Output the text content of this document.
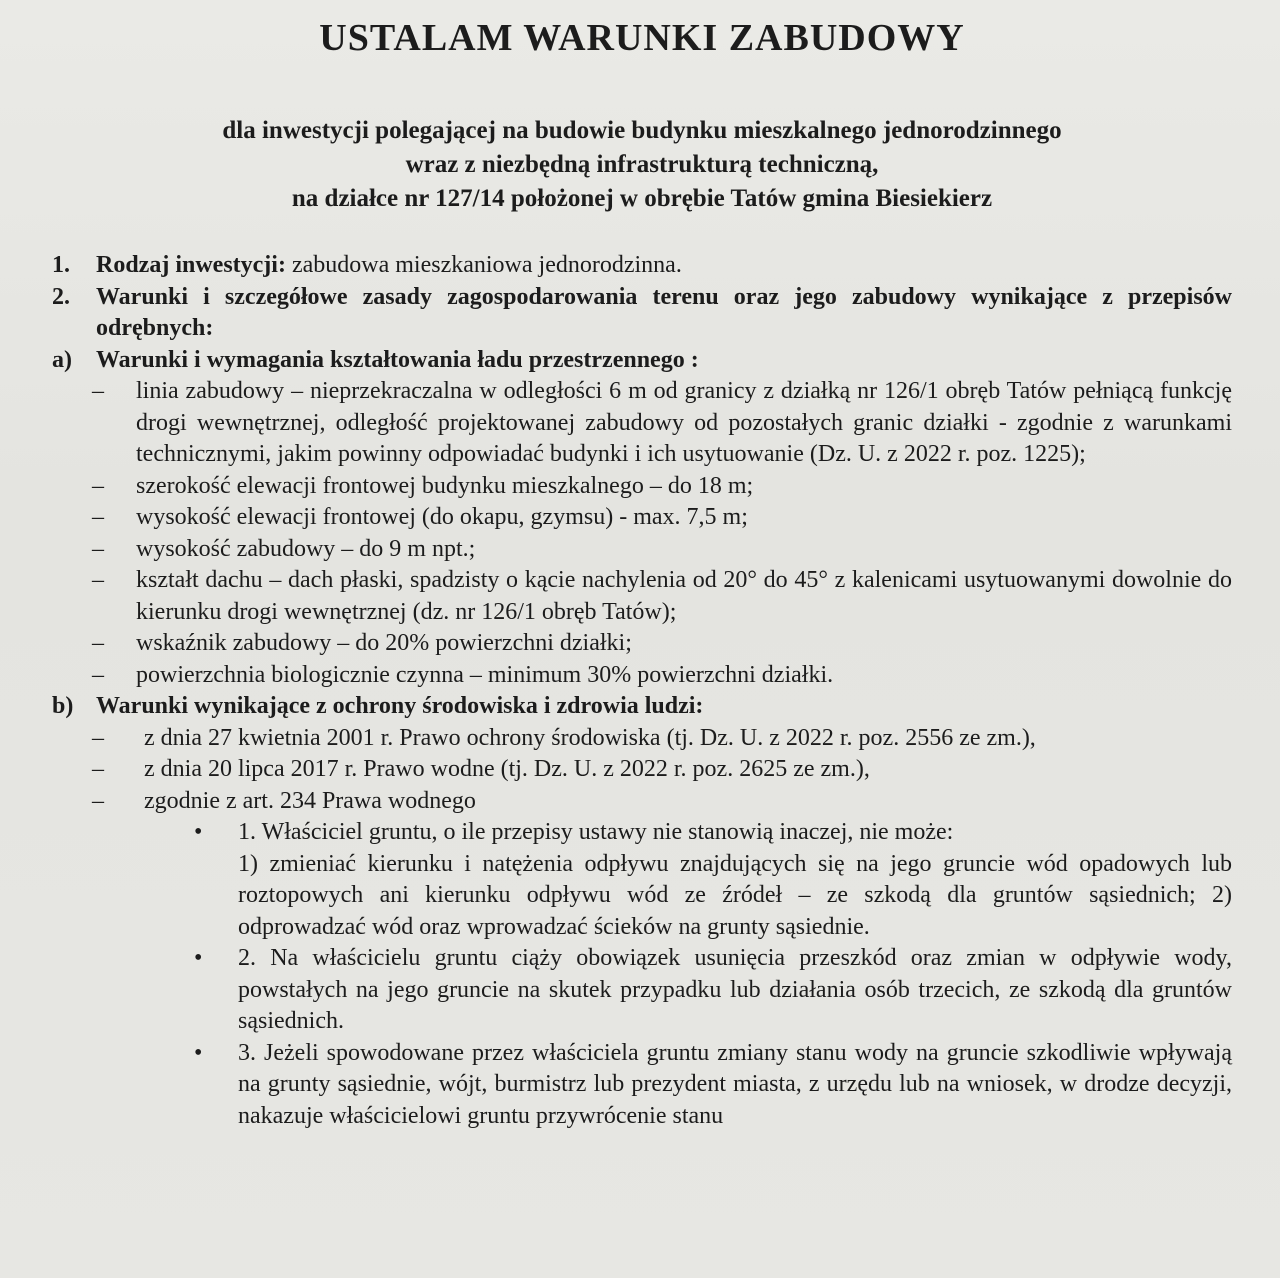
USTALAM WARUNKI ZABUDOWY
dla inwestycji polegającej na budowie budynku mieszkalnego jednorodzinnego
wraz z niezbędną infrastrukturą techniczną,
na działce nr 127/14 położonej w obrębie Tatów gmina Biesiekierz
1.	Rodzaj inwestycji: zabudowa mieszkaniowa jednorodzinna.
2.	Warunki i szczegółowe zasady zagospodarowania terenu oraz jego zabudowy wynikające z przepisów odrębnych:
a)	Warunki i wymagania kształtowania ładu przestrzennego :
–	linia zabudowy – nieprzekraczalna w odległości 6 m od granicy z działką nr 126/1 obręb Tatów pełniącą funkcję drogi wewnętrznej, odległość projektowanej zabudowy od pozostałych granic działki - zgodnie z warunkami technicznymi, jakim powinny odpowiadać budynki i ich usytuowanie (Dz. U. z 2022 r. poz. 1225);
–	szerokość elewacji frontowej budynku mieszkalnego – do 18 m;
–	wysokość elewacji frontowej (do okapu, gzymsu) - max. 7,5 m;
–	wysokość zabudowy – do 9 m npt.;
–	kształt dachu – dach płaski, spadzisty o kącie nachylenia od 20° do 45° z kalenicami usytuowanymi dowolnie do kierunku drogi wewnętrznej (dz. nr 126/1 obręb Tatów);
–	wskaźnik zabudowy – do 20% powierzchni działki;
–	powierzchnia biologicznie czynna – minimum 30% powierzchni działki.
b) Warunki wynikające z ochrony środowiska i zdrowia ludzi:
–	z dnia 27 kwietnia 2001 r. Prawo ochrony środowiska (tj. Dz. U. z 2022 r. poz. 2556 ze zm.),
–	z dnia 20 lipca 2017 r. Prawo wodne (tj. Dz. U. z 2022 r. poz. 2625 ze zm.),
–	zgodnie z art. 234 Prawa wodnego
•	1. Właściciel gruntu, o ile przepisy ustawy nie stanowią inaczej, nie może:
1) zmieniać kierunku i natężenia odpływu znajdujących się na jego gruncie wód opadowych lub roztopowych ani kierunku odpływu wód ze źródeł – ze szkodą dla gruntów sąsiednich; 2) odprowadzać wód oraz wprowadzać ścieków na grunty sąsiednie.
•	2. Na właścicielu gruntu ciąży obowiązek usunięcia przeszkód oraz zmian w odpływie wody, powstałych na jego gruncie na skutek przypadku lub działania osób trzecich, ze szkodą dla gruntów sąsiednich.
•	3. Jeżeli spowodowane przez właściciela gruntu zmiany stanu wody na gruncie szkodliwie wpływają na grunty sąsiednie, wójt, burmistrz lub prezydent miasta, z urzędu lub na wniosek, w drodze decyzji, nakazuje właścicielowi gruntu przywrócenie stanu
